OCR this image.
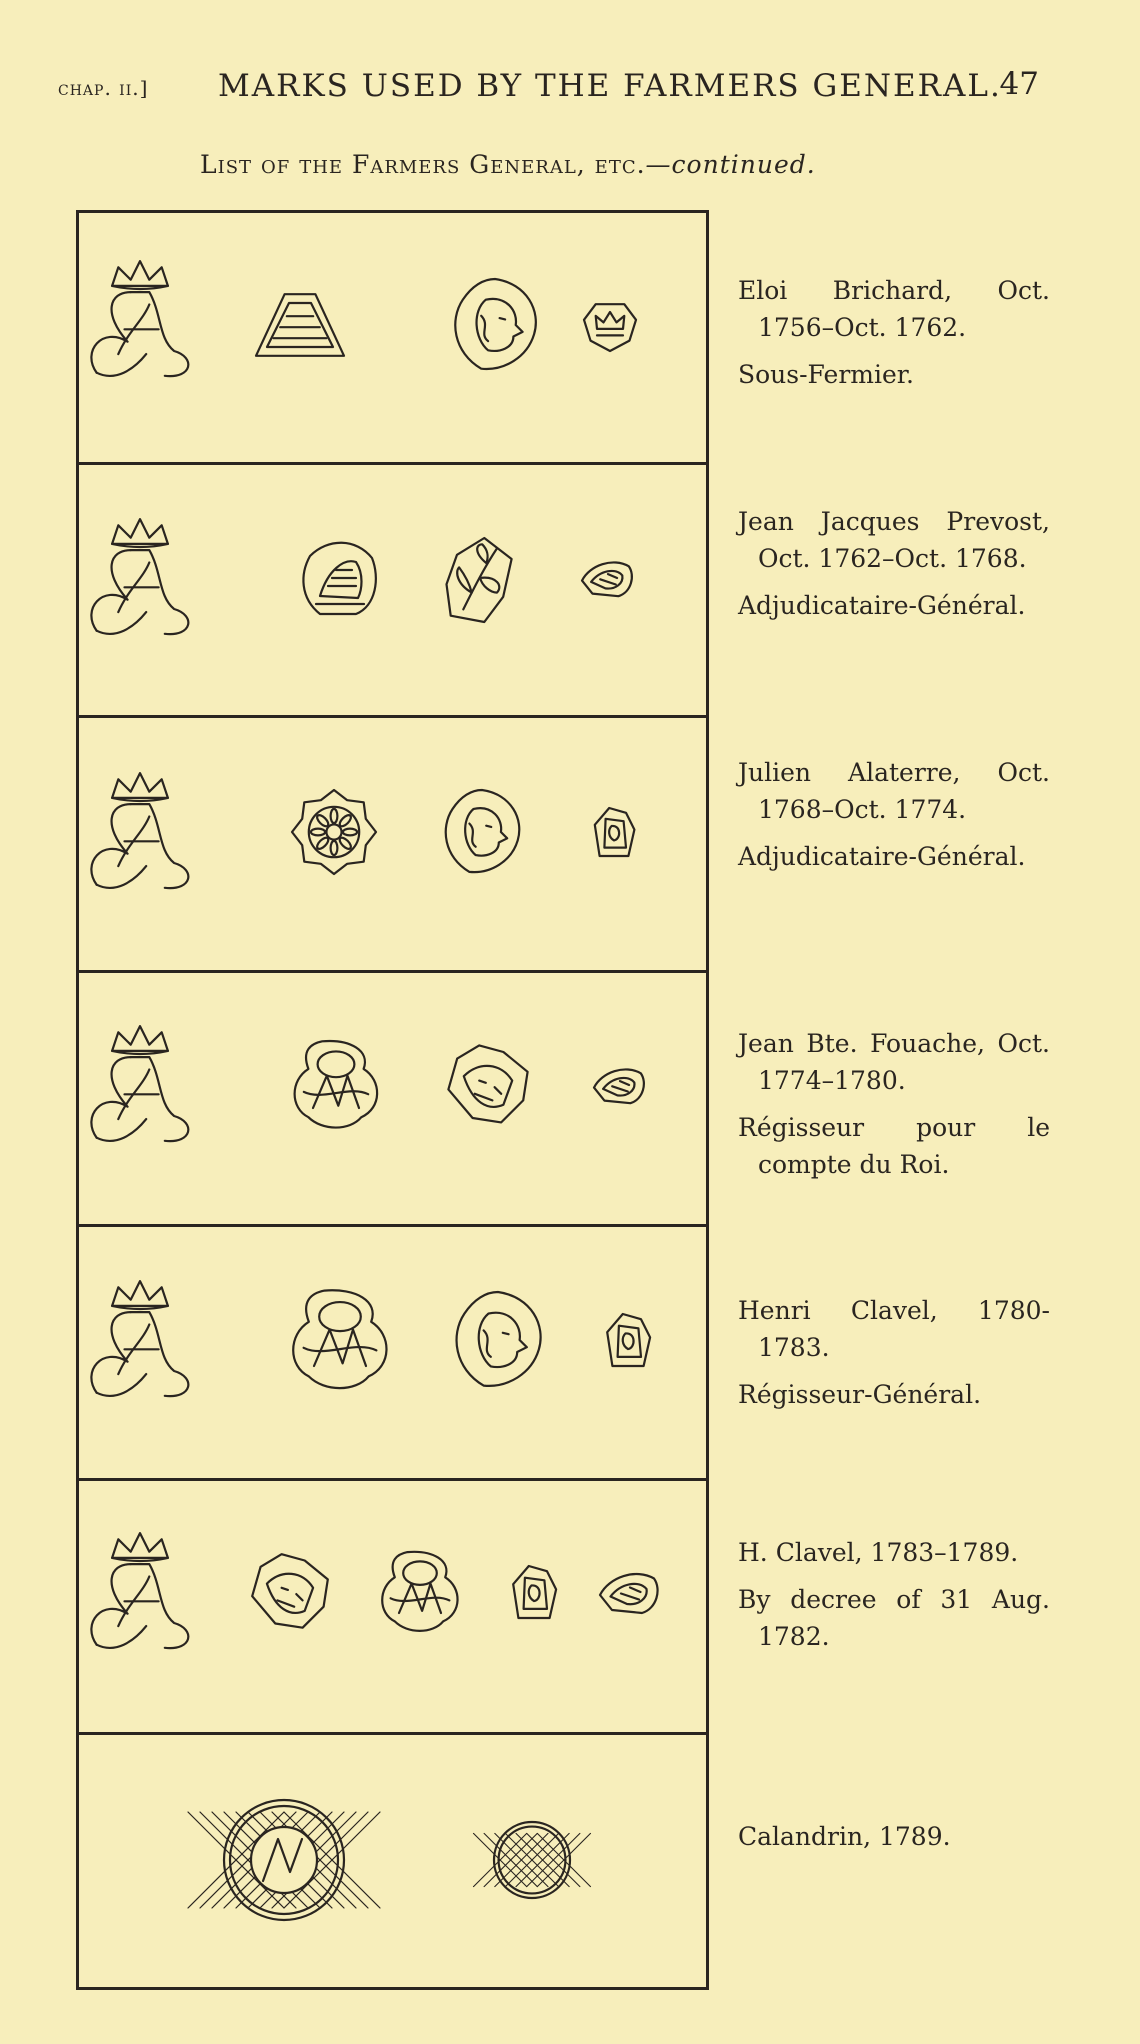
chap. ii.] MARKS USED BY THE FARMERS GENERAL.
47
List of the Farmers General, etc.—continued.

Eloi Brichard, Oct. 1756–Oct. 1762.

Sous-Fermier.

Jean Jacques Prevost, Oct. 1762–Oct. 1768.

Adjudicataire-Général.

Julien Alaterre, Oct. 1768–Oct. 1774.

Adjudicataire-Général.

Jean Bte. Fouache, Oct. 1774–1780.

Régisseur pour le compte du Roi.

Henri Clavel, 1780-1783.

Régisseur-Général.

H. Clavel, 1783–1789.

By decree of 31 Aug. 1782.

Calandrin, 1789.
